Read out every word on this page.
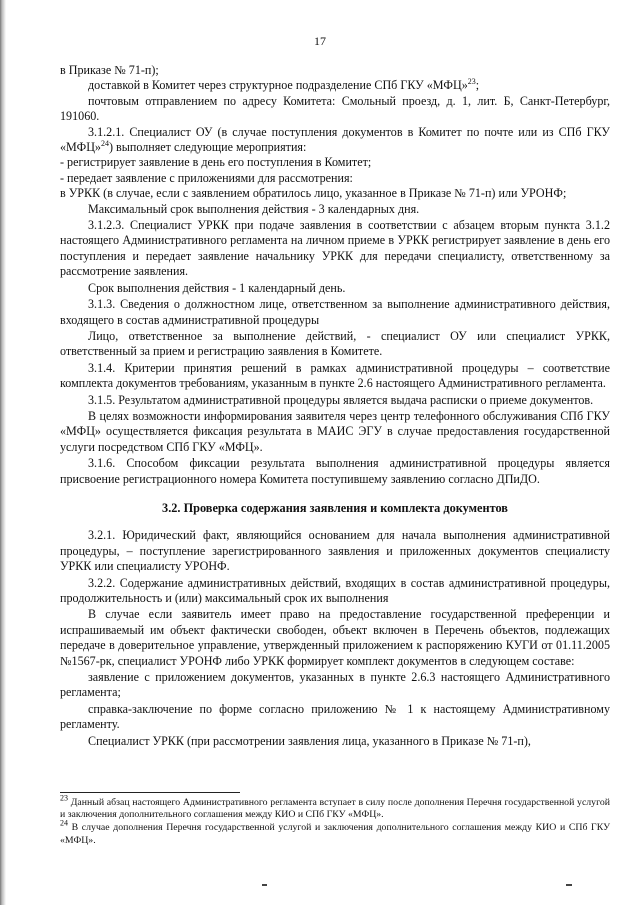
17

в Приказе № 71-п);

доставкой в Комитет через структурное подразделение СПб ГКУ «МФЦ»$^{23}$;

почтовым отправлением по адресу Комитета: Смольный проезд, д. 1, лит. Б, Санкт-Петербург, 191060.

3.1.2.1. Специалист ОУ (в случае поступления документов в Комитет по почте или из СПб ГКУ «МФЦ»$^{24}$) выполняет следующие мероприятия:

- регистрирует заявление в день его поступления в Комитет;

- передает заявление с приложениями для рассмотрения:

в УРКК (в случае, если с заявлением обратилось лицо, указанное в Приказе № 71-п) или УРОНФ;

Максимальный срок выполнения действия - 3 календарных дня.

3.1.2.3. Специалист УРКК при подаче заявления в соответствии с абзацем вторым пункта 3.1.2 настоящего Административного регламента на личном приеме в УРКК регистрирует заявление в день его поступления и передает заявление начальнику УРКК для передачи специалисту, ответственному за рассмотрение заявления.

Срок выполнения действия - 1 календарный день.

3.1.3. Сведения о должностном лице, ответственном за выполнение административного действия, входящего в состав административной процедуры

Лицо, ответственное за выполнение действий, - специалист ОУ или специалист УРКК, ответственный за прием и регистрацию заявления в Комитете.

3.1.4. Критерии принятия решений в рамках административной процедуры – соответствие комплекта документов требованиям, указанным в пункте 2.6 настоящего Административного регламента.

3.1.5. Результатом административной процедуры является выдача расписки о приеме документов.

В целях возможности информирования заявителя через центр телефонного обслуживания СПб ГКУ «МФЦ» осуществляется фиксация результата в МАИС ЭГУ в случае предоставления государственной услуги посредством СПб ГКУ «МФЦ».

3.1.6. Способом фиксации результата выполнения административной процедуры является присвоение регистрационного номера Комитета поступившему заявлению согласно ДПиДО.

3.2. Проверка содержания заявления и комплекта документов

3.2.1. Юридический факт, являющийся основанием для начала выполнения административной процедуры, – поступление зарегистрированного заявления и приложенных документов специалисту УРКК или специалисту УРОНФ.

3.2.2. Содержание административных действий, входящих в состав административной процедуры, продолжительность и (или) максимальный срок их выполнения

В случае если заявитель имеет право на предоставление государственной преференции и испрашиваемый им объект фактически свободен, объект включен в Перечень объектов, подлежащих передаче в доверительное управление, утвержденный приложением к распоряжению КУГИ от 01.11.2005 №1567-рк, специалист УРОНФ либо УРКК формирует комплект документов в следующем составе:

заявление с приложением документов, указанных в пункте 2.6.3 настоящего Административного регламента;

справка-заключение по форме согласно приложению № 1 к настоящему Административному регламенту.

Специалист УРКК (при рассмотрении заявления лица, указанного в Приказе № 71-п),

$^{23}$ Данный абзац настоящего Административного регламента вступает в силу после дополнения Перечня государственной услугой и заключения дополнительного соглашения между КИО и СПб ГКУ «МФЦ».

$^{24}$ В случае дополнения Перечня государственной услугой и заключения дополнительного соглашения между КИО и СПб ГКУ «МФЦ».
